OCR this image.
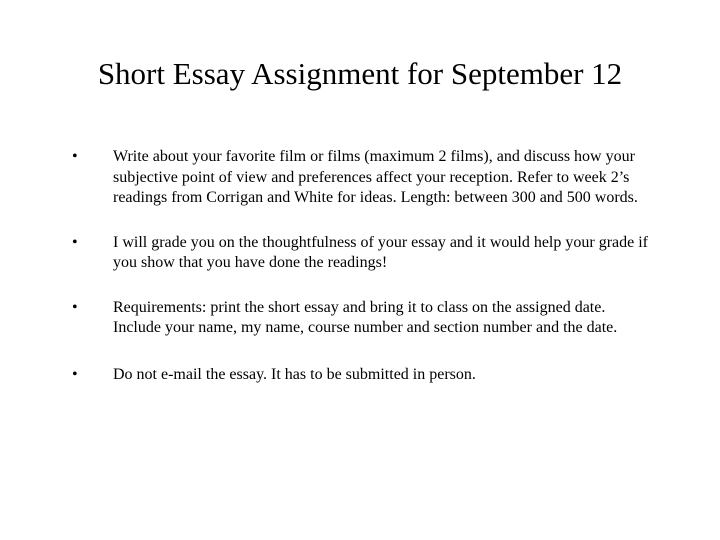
Short Essay Assignment for September 12
•	Write about your favorite film or films (maximum 2 films), and discuss how your subjective point of view and preferences affect your reception. Refer to week 2’s readings from Corrigan and White for ideas. Length: between 300 and 500 words.
•	I will grade you on the thoughtfulness of your essay and it would help your grade if you show that you have done the readings!
•	Requirements: print the short essay and bring it to class on the assigned date. Include your name, my name, course number and section number and the date.
•	Do not e-mail the essay. It has to be submitted in person.
